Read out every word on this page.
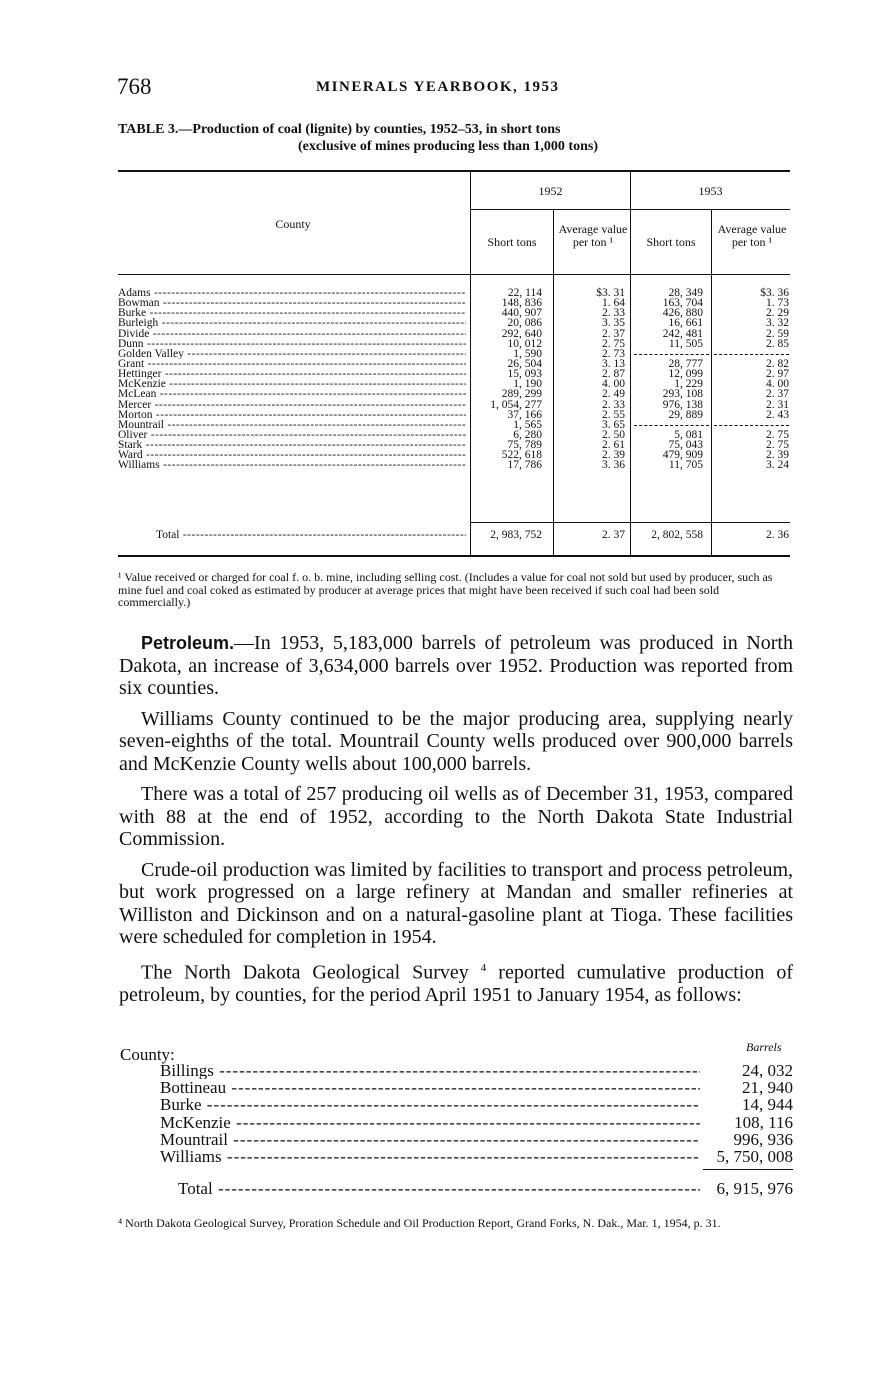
768	MINERALS YEARBOOK, 1953
TABLE 3.—Production of coal (lignite) by counties, 1952–53, in short tons
(exclusive of mines producing less than 1,000 tons)
County
1952	1953
Short tons
Average value per ton ¹	Short tons
Average value per ton ¹
Adams -----	22, 114	$3. 31	28, 349	$3. 36
Bowman -----	148, 836	1. 64	163, 704	1. 73
Burke -----	440, 907	2. 33	426, 880	2. 29
Burleigh -----	20, 086	3. 35	16, 661	3. 32
Divide -----	292, 640	2. 37	242, 481	2. 59
Dunn -----	10, 012	2. 75	11, 505	2. 85
Golden Valley -----	1, 590	2. 73
Grant -----	26, 504	3. 13	28, 777	2. 82
Hettinger -----	15, 093	2. 87	12, 099	2. 97
McKenzie -----	1, 190	4. 00	1, 229	4. 00
McLean -----	289, 299	2. 49	293, 108	2. 37
Mercer -----	1, 054, 277	2. 33	976, 138	2. 31
Morton -----	37, 166	2. 55	29, 889	2. 43
Mountrail -----	1, 565	3. 65
Oliver -----	6, 280	2. 50	5, 081	2. 75
Stark -----	75, 789	2. 61	75, 043	2. 75
Ward -----	522, 618	2. 39	479, 909	2. 39
Williams -----	17, 786	3. 36	11, 705	3. 24
Total -----	2, 983, 752	2. 37	2, 802, 558	2. 36
¹ Value received or charged for coal f. o. b. mine, including selling cost. (Includes a value for coal not sold but used by producer, such as mine fuel and coal coked as estimated by producer at average prices that might have been received if such coal had been sold commercially.)

Petroleum.—In 1953, 5,183,000 barrels of petroleum was produced in North Dakota, an increase of 3,634,000 barrels over 1952. Production was reported from six counties.

Williams County continued to be the major producing area, supplying nearly seven-eighths of the total. Mountrail County wells produced over 900,000 barrels and McKenzie County wells about 100,000 barrels.

There was a total of 257 producing oil wells as of December 31, 1953, compared with 88 at the end of 1952, according to the North Dakota State Industrial Commission.

Crude-oil production was limited by facilities to transport and process petroleum, but work progressed on a large refinery at Mandan and smaller refineries at Williston and Dickinson and on a natural-gasoline plant at Tioga. These facilities were scheduled for completion in 1954.

The North Dakota Geological Survey $^4$ reported cumulative production of petroleum, by counties, for the period April 1951 to January 1954, as follows:

Barrels
County:
Billings -----	24, 032
Bottineau -----	21, 940
Burke -----	14, 944
McKenzie -----	108, 116
Mountrail -----	996, 936
Williams -----	5, 750, 008
Total -----	6, 915, 976
⁴ North Dakota Geological Survey, Proration Schedule and Oil Production Report, Grand Forks, N. Dak., Mar. 1, 1954, p. 31.
